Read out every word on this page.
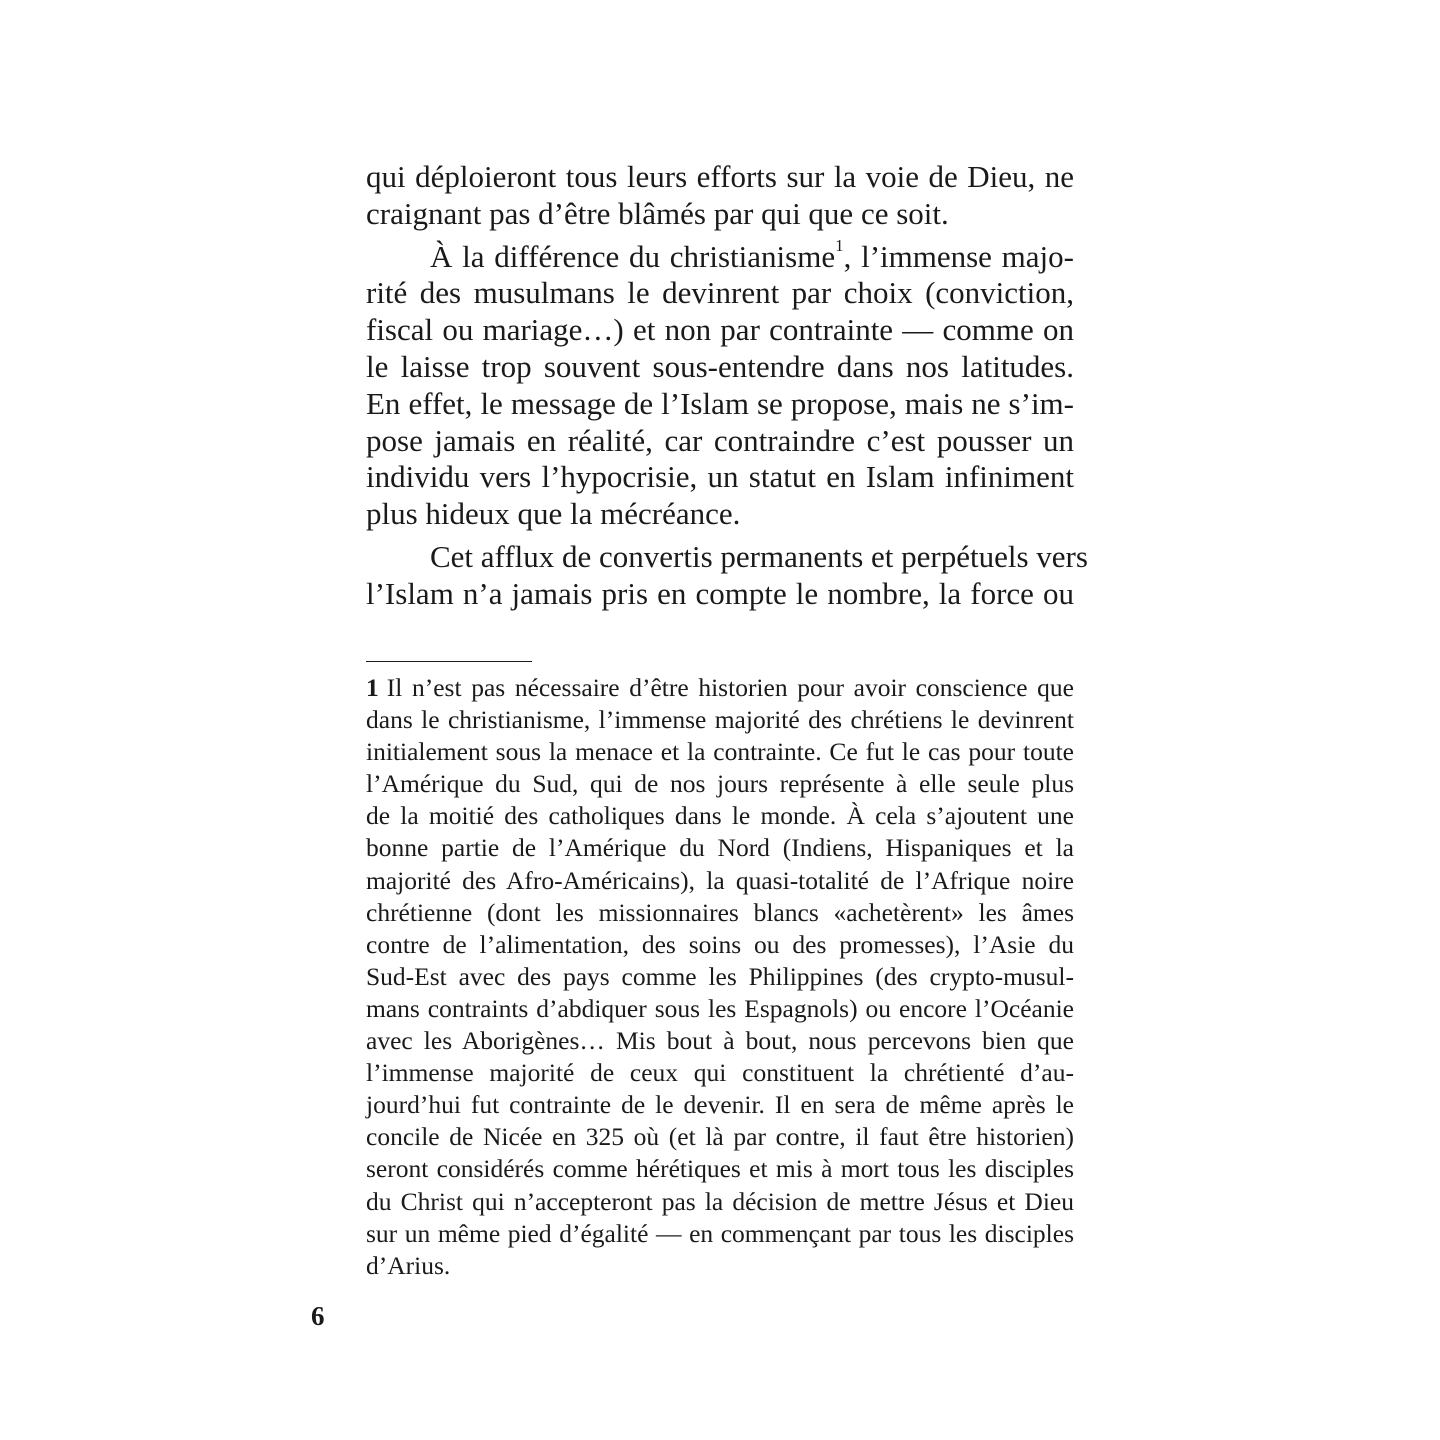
qui déploieront tous leurs efforts sur la voie de Dieu, ne
craignant pas d’être blâmés par qui que ce soit.
À la différence du christianisme$^1$, l’immense majo-
rité des musulmans le devinrent par choix (conviction,
fiscal ou mariage…) et non par contrainte — comme on
le laisse trop souvent sous-entendre dans nos latitudes.
En effet, le message de l’Islam se propose, mais ne s’im-
pose jamais en réalité, car contraindre c’est pousser un
individu vers l’hypocrisie, un statut en Islam infiniment
plus hideux que la mécréance.
Cet afflux de convertis permanents et perpétuels vers
l’Islam n’a jamais pris en compte le nombre, la force ou
1 Il n’est pas nécessaire d’être historien pour avoir conscience que
dans le christianisme, l’immense majorité des chrétiens le devinrent
initialement sous la menace et la contrainte. Ce fut le cas pour toute
l’Amérique du Sud, qui de nos jours représente à elle seule plus
de la moitié des catholiques dans le monde. À cela s’ajoutent une
bonne partie de l’Amérique du Nord (Indiens, Hispaniques et la
majorité des Afro-Américains), la quasi-totalité de l’Afrique noire
chrétienne (dont les missionnaires blancs «achetèrent» les âmes
contre de l’alimentation, des soins ou des promesses), l’Asie du
Sud-Est avec des pays comme les Philippines (des crypto-musul-
mans contraints d’abdiquer sous les Espagnols) ou encore l’Océanie
avec les Aborigènes… Mis bout à bout, nous percevons bien que
l’immense majorité de ceux qui constituent la chrétienté d’au-
jourd’hui fut contrainte de le devenir. Il en sera de même après le
concile de Nicée en 325 où (et là par contre, il faut être historien)
seront considérés comme hérétiques et mis à mort tous les disciples
du Christ qui n’accepteront pas la décision de mettre Jésus et Dieu
sur un même pied d’égalité — en commençant par tous les disciples
d’Arius.
6
